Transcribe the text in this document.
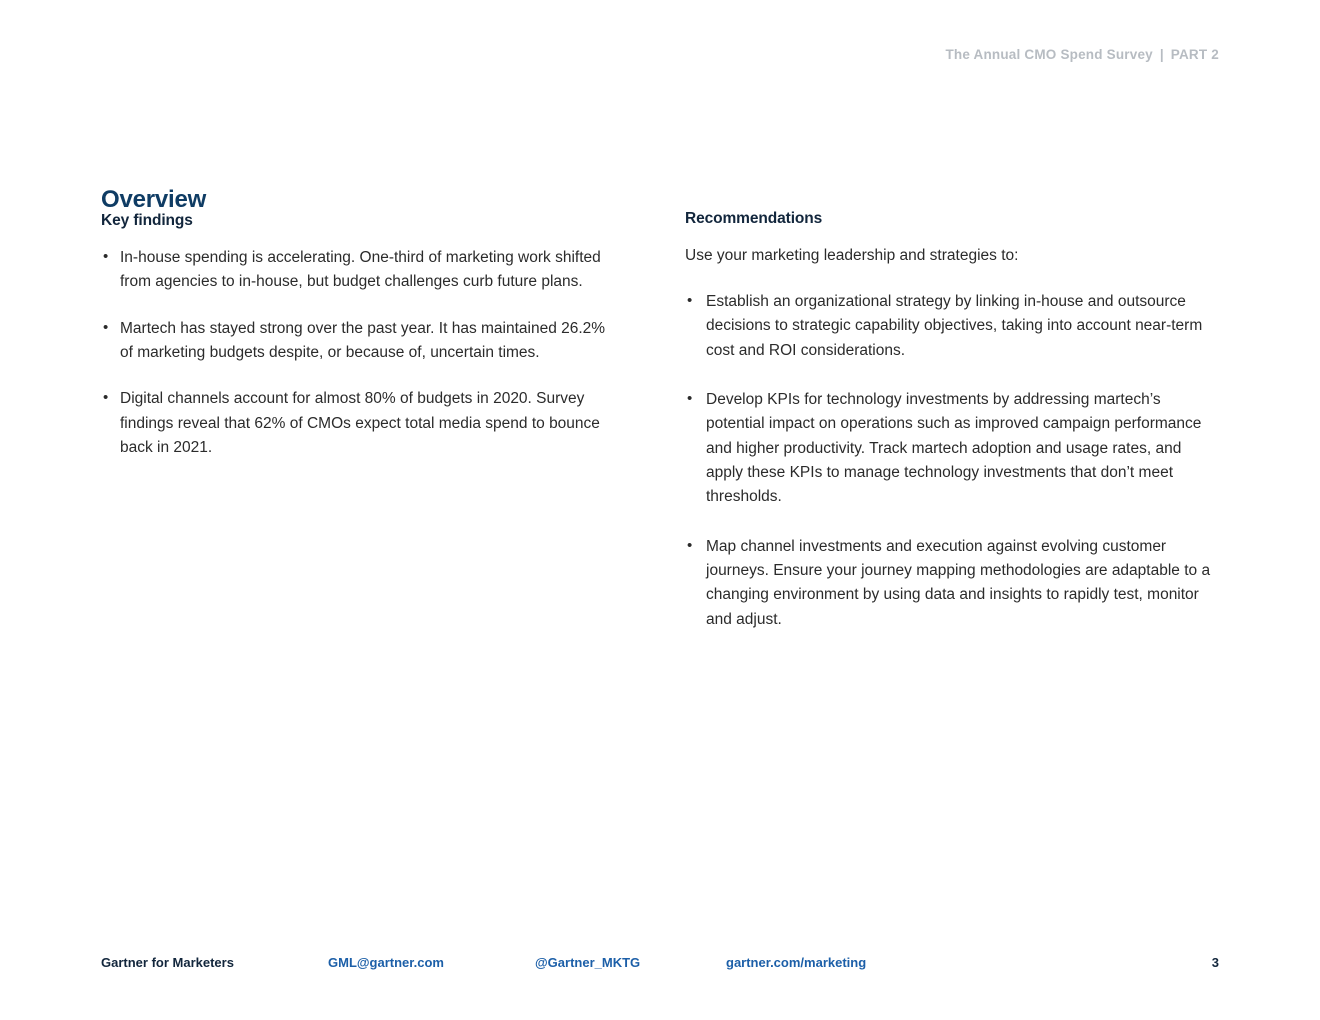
The Annual CMO Spend Survey | PART 2
Overview
Key findings
• In-house spending is accelerating. One-third of marketing work shifted from agencies to in-house, but budget challenges curb future plans.
• Martech has stayed strong over the past year. It has maintained 26.2% of marketing budgets despite, or because of, uncertain times.
• Digital channels account for almost 80% of budgets in 2020. Survey findings reveal that 62% of CMOs expect total media spend to bounce back in 2021.
Recommendations

Use your marketing leadership and strategies to:

• Establish an organizational strategy by linking in-house and outsource decisions to strategic capability objectives, taking into account near-term cost and ROI considerations.
• Develop KPIs for technology investments by addressing martech’s potential impact on operations such as improved campaign performance and higher productivity. Track martech adoption and usage rates, and apply these KPIs to manage technology investments that don’t meet thresholds.
• Map channel investments and execution against evolving customer journeys. Ensure your journey mapping methodologies are adaptable to a changing environment by using data and insights to rapidly test, monitor and adjust.
Gartner for Marketers	GML@gartner.com	@Gartner_MKTG	gartner.com/marketing	3
